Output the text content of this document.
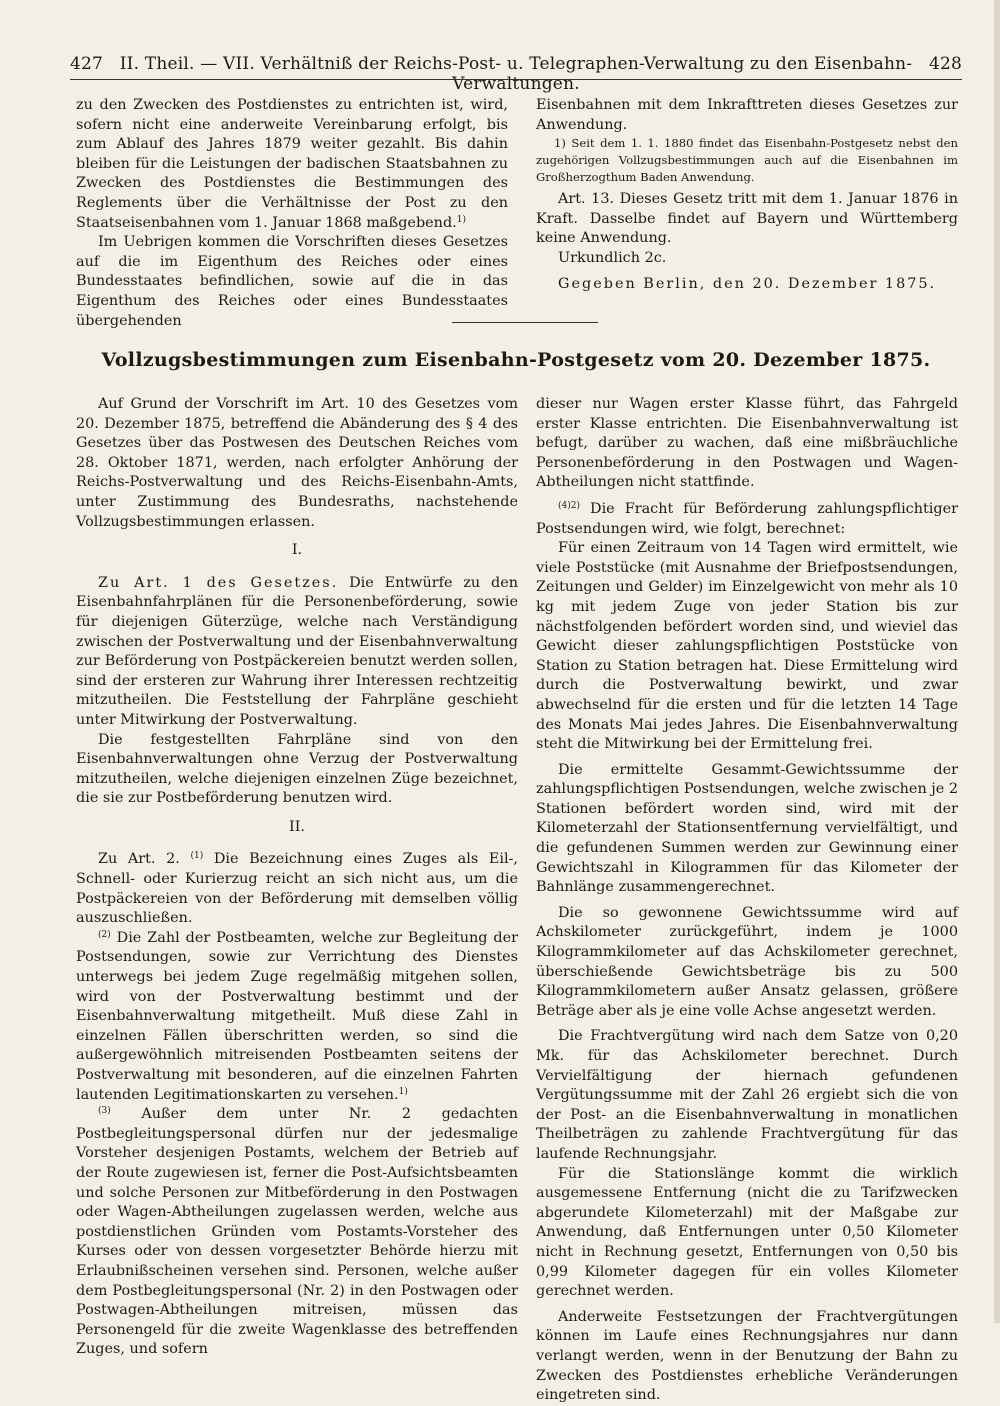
427 II. Theil. — VII. Verhältniß der Reichs-Post- u. Telegraphen-Verwaltung zu den Eisenbahn-Verwaltungen.
428

zu den Zwecken des Postdienstes zu entrichten ist, wird, sofern nicht eine anderweite Vereinbarung erfolgt, bis zum Ablauf des Jahres 1879 weiter gezahlt. Bis dahin bleiben für die Leistungen der badischen Staatsbahnen zu Zwecken des Postdienstes die Bestimmungen des Reglements über die Verhältnisse der Post zu den Staatseisenbahnen vom 1. Januar 1868 maßgebend.$^{1)}$

Im Uebrigen kommen die Vorschriften dieses Gesetzes auf die im Eigenthum des Reiches oder eines Bundesstaates befindlichen, sowie auf die in das Eigenthum des Reiches oder eines Bundesstaates übergehenden

Eisenbahnen mit dem Inkrafttreten dieses Gesetzes zur Anwendung.

1) Seit dem 1. 1. 1880 findet das Eisenbahn-Postgesetz nebst den zugehörigen Vollzugsbestimmungen auch auf die Eisenbahnen im Großherzogthum Baden Anwendung.

Art. 13. Dieses Gesetz tritt mit dem 1. Januar 1876 in Kraft. Dasselbe findet auf Bayern und Württemberg keine Anwendung.

Urkundlich 2c.

Gegeben Berlin, den 20. Dezember 1875.

Vollzugsbestimmungen zum Eisenbahn-Postgesetz vom 20. Dezember 1875.

Auf Grund der Vorschrift im Art. 10 des Gesetzes vom 20. Dezember 1875, betreffend die Abänderung des § 4 des Gesetzes über das Postwesen des Deutschen Reiches vom 28. Oktober 1871, werden, nach erfolgter Anhörung der Reichs-Postverwaltung und des Reichs-Eisenbahn-Amts, unter Zustimmung des Bundesraths, nachstehende Vollzugsbestimmungen erlassen.

I.

Zu Art. 1 des Gesetzes. Die Entwürfe zu den Eisenbahnfahrplänen für die Personenbeförderung, sowie für diejenigen Güterzüge, welche nach Verständigung zwischen der Postverwaltung und der Eisenbahnverwaltung zur Beförderung von Postpäckereien benutzt werden sollen, sind der ersteren zur Wahrung ihrer Interessen rechtzeitig mitzutheilen. Die Feststellung der Fahrpläne geschieht unter Mitwirkung der Postverwaltung.

Die festgestellten Fahrpläne sind von den Eisenbahnverwaltungen ohne Verzug der Postverwaltung mitzutheilen, welche diejenigen einzelnen Züge bezeichnet, die sie zur Postbeförderung benutzen wird.

II.

Zu Art. 2. $^{(1)}$ Die Bezeichnung eines Zuges als Eil-, Schnell- oder Kurierzug reicht an sich nicht aus, um die Postpäckereien von der Beförderung mit demselben völlig auszuschließen.

$^{(2)}$ Die Zahl der Postbeamten, welche zur Begleitung der Postsendungen, sowie zur Verrichtung des Dienstes unterwegs bei jedem Zuge regelmäßig mitgehen sollen, wird von der Postverwaltung bestimmt und der Eisenbahnverwaltung mitgetheilt. Muß diese Zahl in einzelnen Fällen überschritten werden, so sind die außergewöhnlich mitreisenden Postbeamten seitens der Postverwaltung mit besonderen, auf die einzelnen Fahrten lautenden Legitimationskarten zu versehen.$^{1)}$

$^{(3)}$ Außer dem unter Nr. 2 gedachten Postbegleitungspersonal dürfen nur der jedesmalige Vorsteher desjenigen Postamts, welchem der Betrieb auf der Route zugewiesen ist, ferner die Post-Aufsichtsbeamten und solche Personen zur Mitbeförderung in den Postwagen oder Wagen-Abtheilungen zugelassen werden, welche aus postdienstlichen Gründen vom Postamts-Vorsteher des Kurses oder von dessen vorgesetzter Behörde hierzu mit Erlaubnißscheinen versehen sind. Personen, welche außer dem Postbegleitungspersonal (Nr. 2) in den Postwagen oder Postwagen-Abtheilungen mitreisen, müssen das Personengeld für die zweite Wagenklasse des betreffenden Zuges, und sofern

dieser nur Wagen erster Klasse führt, das Fahrgeld erster Klasse entrichten. Die Eisenbahnverwaltung ist befugt, darüber zu wachen, daß eine mißbräuchliche Personenbeförderung in den Postwagen und Wagen-Abtheilungen nicht stattfinde.

$^{(4)2)}$ Die Fracht für Beförderung zahlungspflichtiger Postsendungen wird, wie folgt, berechnet:

Für einen Zeitraum von 14 Tagen wird ermittelt, wie viele Poststücke (mit Ausnahme der Briefpostsendungen, Zeitungen und Gelder) im Einzelgewicht von mehr als 10 kg mit jedem Zuge von jeder Station bis zur nächstfolgenden befördert worden sind, und wieviel das Gewicht dieser zahlungspflichtigen Poststücke von Station zu Station betragen hat. Diese Ermittelung wird durch die Postverwaltung bewirkt, und zwar abwechselnd für die ersten und für die letzten 14 Tage des Monats Mai jedes Jahres. Die Eisenbahnverwaltung steht die Mitwirkung bei der Ermittelung frei.

Die ermittelte Gesammt-Gewichtssumme der zahlungspflichtigen Postsendungen, welche zwischen je 2 Stationen befördert worden sind, wird mit der Kilometerzahl der Stationsentfernung vervielfältigt, und die gefundenen Summen werden zur Gewinnung einer Gewichtszahl in Kilogrammen für das Kilometer der Bahnlänge zusammengerechnet.

Die so gewonnene Gewichtssumme wird auf Achskilometer zurückgeführt, indem je 1000 Kilogrammkilometer auf das Achskilometer gerechnet, überschießende Gewichtsbeträge bis zu 500 Kilogrammkilometern außer Ansatz gelassen, größere Beträge aber als je eine volle Achse angesetzt werden.

Die Frachtvergütung wird nach dem Satze von 0,20 Mk. für das Achskilometer berechnet. Durch Vervielfältigung der hiernach gefundenen Vergütungssumme mit der Zahl 26 ergiebt sich die von der Post- an die Eisenbahnverwaltung in monatlichen Theilbeträgen zu zahlende Frachtvergütung für das laufende Rechnungsjahr.

Für die Stationslänge kommt die wirklich ausgemessene Entfernung (nicht die zu Tarifzwecken abgerundete Kilometerzahl) mit der Maßgabe zur Anwendung, daß Entfernungen unter 0,50 Kilometer nicht in Rechnung gesetzt, Entfernungen von 0,50 bis 0,99 Kilometer dagegen für ein volles Kilometer gerechnet werden.

Anderweite Festsetzungen der Frachtvergütungen können im Laufe eines Rechnungsjahres nur dann verlangt werden, wenn in der Benutzung der Bahn zu Zwecken des Postdienstes erhebliche Veränderungen eingetreten sind.
